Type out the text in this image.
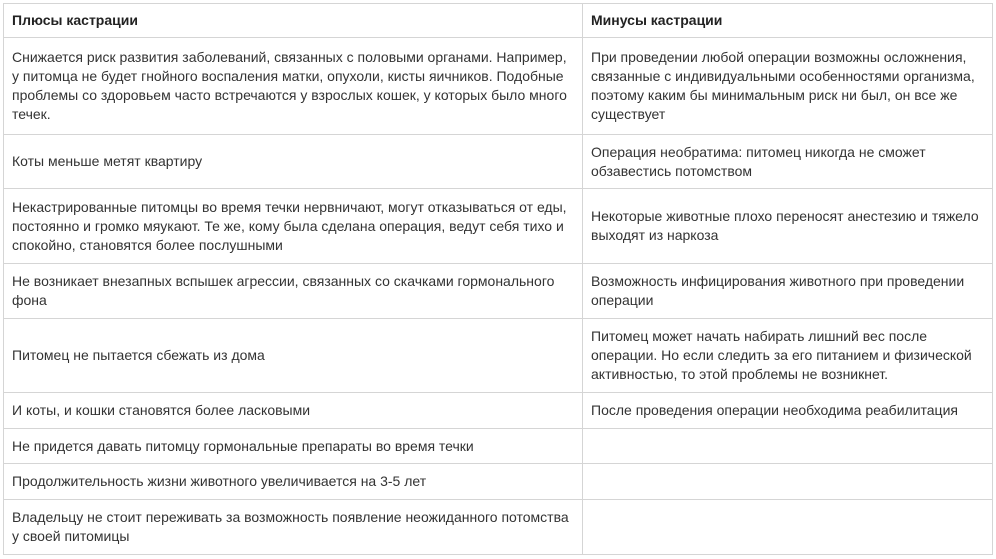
Плюсы кастрации	Минусы кастрации
Снижается риск развития заболеваний, связанных с половыми органами. Например, у питомца не будет гнойного воспаления матки, опухоли, кисты яичников. Подобные проблемы со здоровьем часто встречаются у взрослых кошек, у которых было много течек.	При проведении любой операции возможны осложнения, связанные с индивидуальными особенностями организма, поэтому каким бы минимальным риск ни был, он все же существует
Коты меньше метят квартиру	Операция необратима: питомец никогда не сможет обзавестись потомством
Некастрированные питомцы во время течки нервничают, могут отказываться от еды, постоянно и громко мяукают. Те же, кому была сделана операция, ведут себя тихо и спокойно, становятся более послушными	Некоторые животные плохо переносят анестезию и тяжело выходят из наркоза
Не возникает внезапных вспышек агрессии, связанных со скачками гормонального фона	Возможность инфицирования животного при проведении операции
Питомец не пытается сбежать из дома	Питомец может начать набирать лишний вес после операции. Но если следить за его питанием и физической активностью, то этой проблемы не возникнет.
И коты, и кошки становятся более ласковыми	После проведения операции необходима реабилитация
Не придется давать питомцу гормональные препараты во время течки	
Продолжительность жизни животного увеличивается на 3-5 лет	
Владельцу не стоит переживать за возможность появление неожиданного потомства у своей питомицы	
